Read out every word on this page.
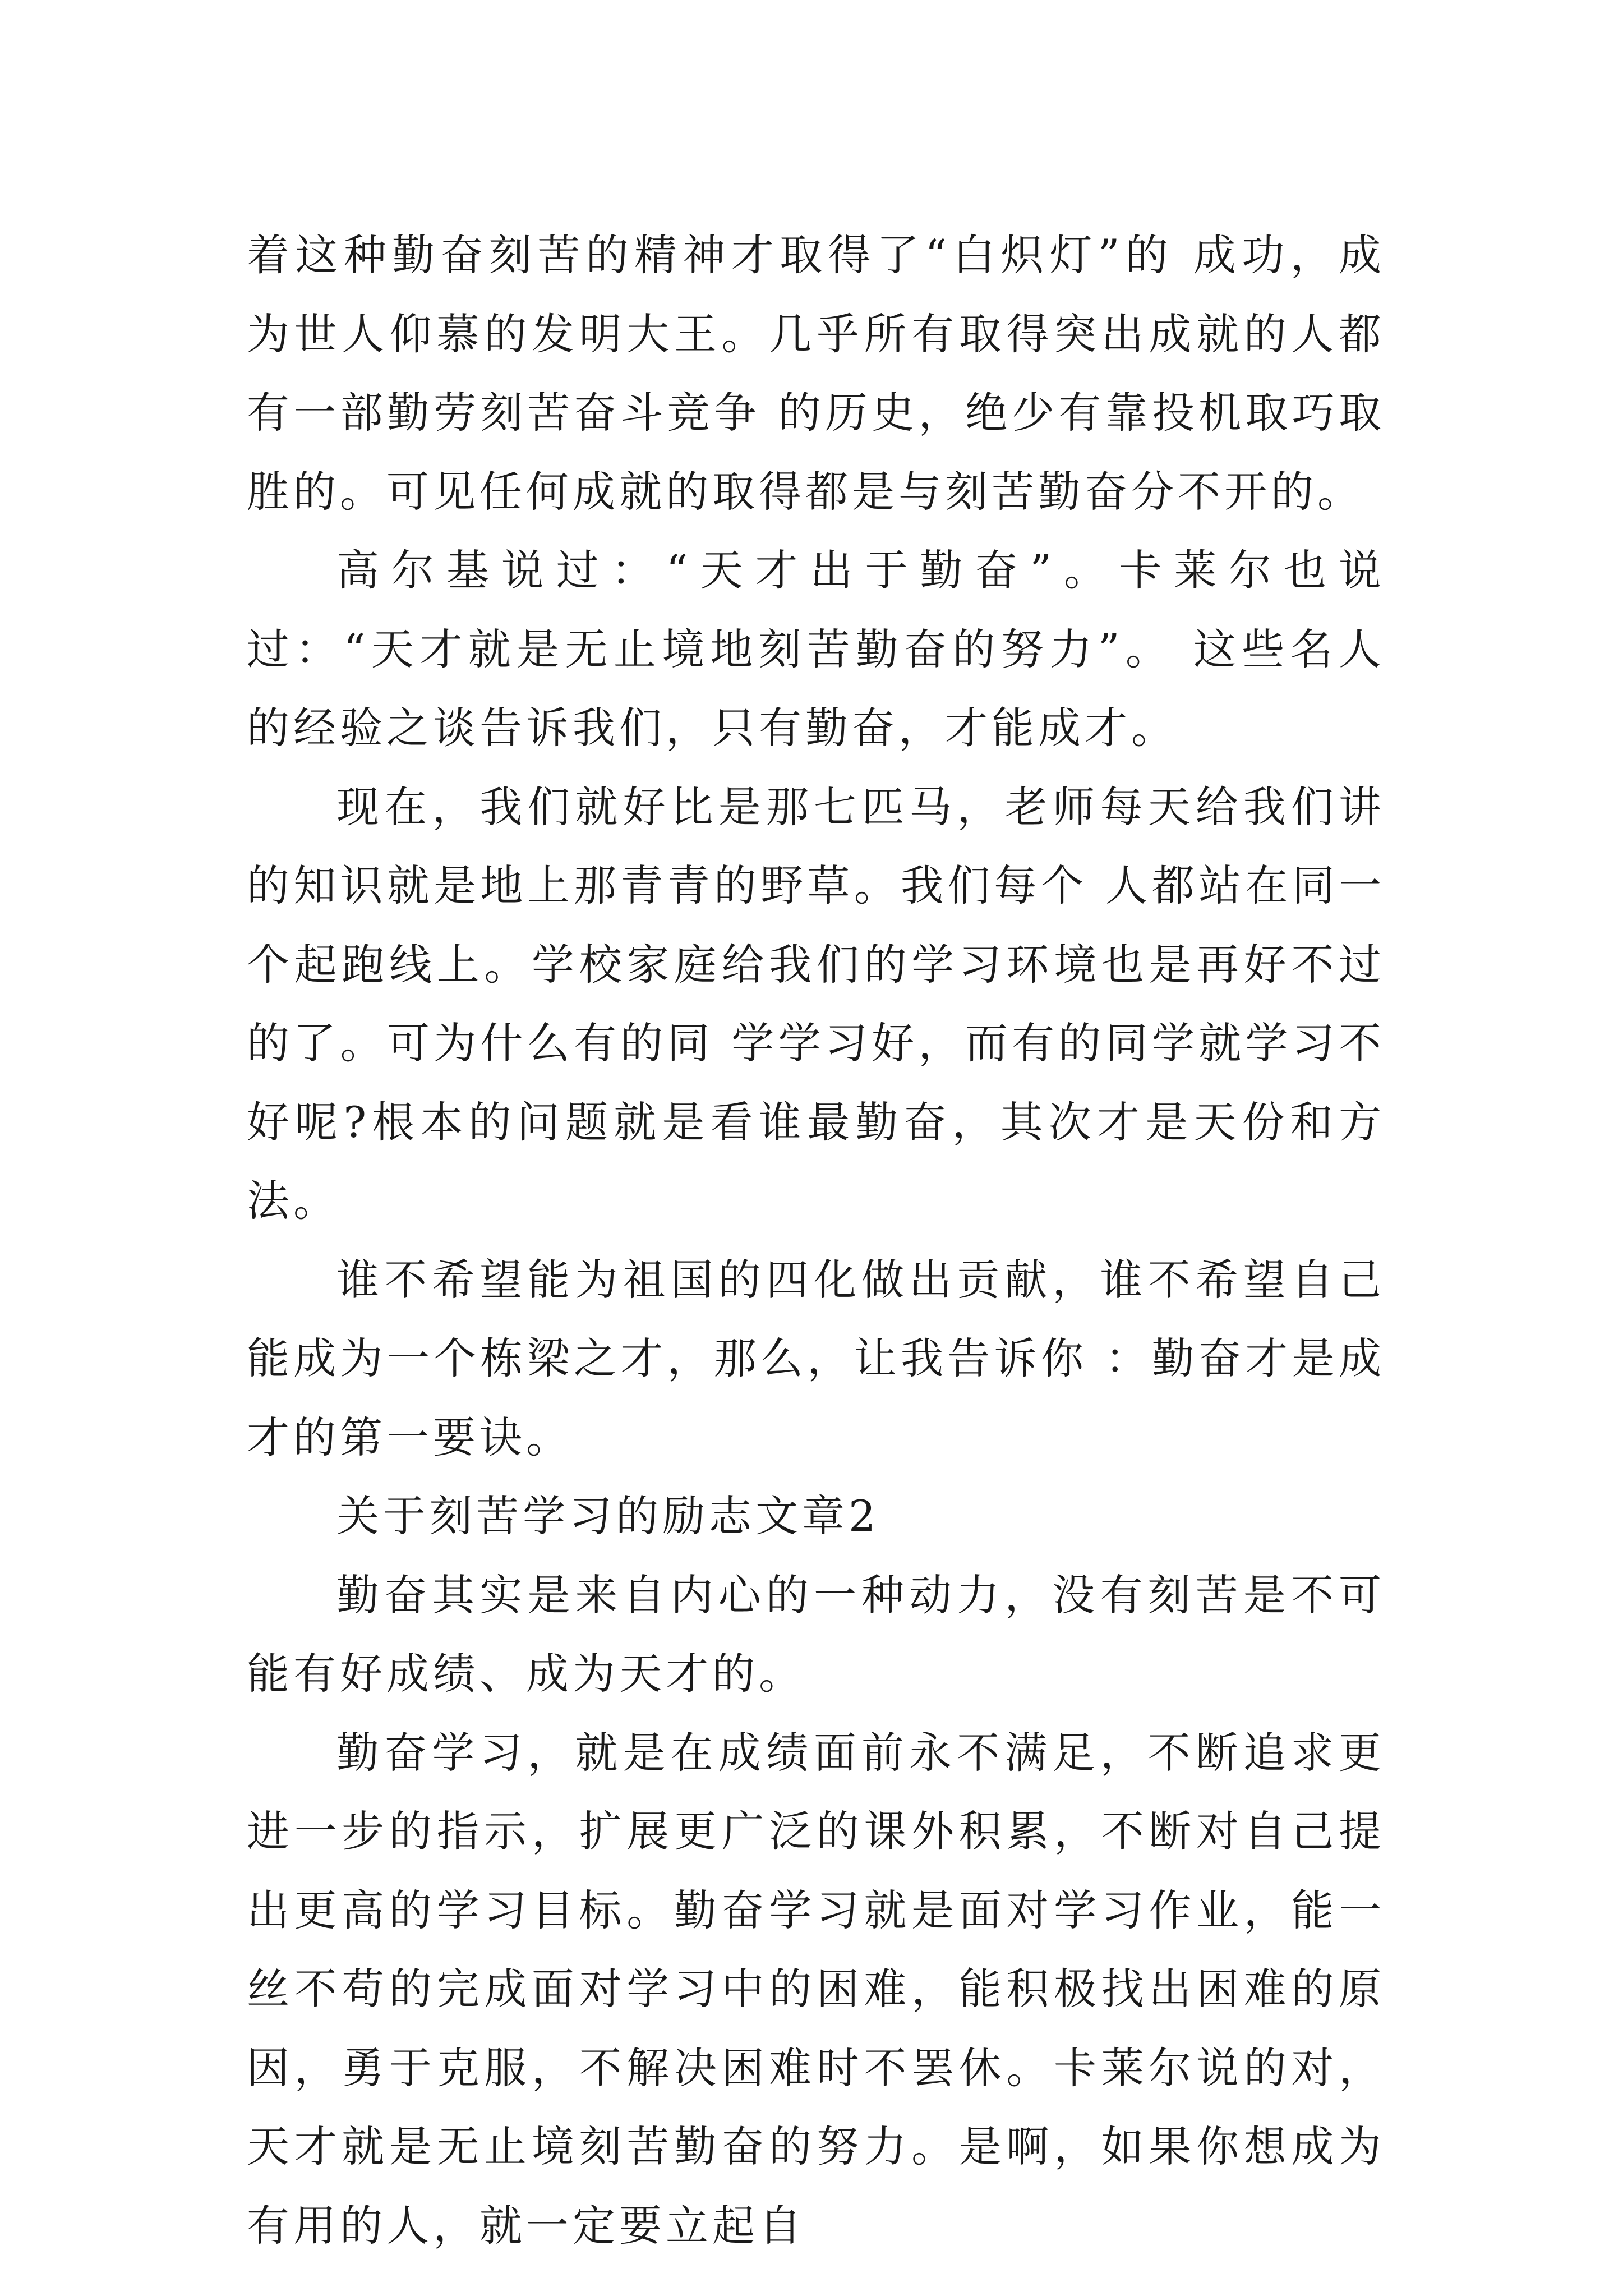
着这种勤奋刻苦的精神才取得了“白炽灯”的 成功，成为世人仰慕的发明大王。几乎所有取得突出成就的人都有一部勤劳刻苦奋斗竞争 的历史，绝少有靠投机取巧取胜的。可见任何成就的取得都是与刻苦勤奋分不开的。

高尔基说过：“天才出于勤奋”。卡莱尔也说过：“天才就是无止境地刻苦勤奋的努力”。 这些名人的经验之谈告诉我们，只有勤奋，才能成才。

现在，我们就好比是那七匹马，老师每天给我们讲的知识就是地上那青青的野草。我们每个 人都站在同一个起跑线上。学校家庭给我们的学习环境也是再好不过的了。可为什么有的同 学学习好，而有的同学就学习不好呢?根本的问题就是看谁最勤奋，其次才是天份和方法。

谁不希望能为祖国的四化做出贡献，谁不希望自己能成为一个栋梁之才，那么，让我告诉你 ：勤奋才是成才的第一要诀。

关于刻苦学习的励志文章2

勤奋其实是来自内心的一种动力，没有刻苦是不可能有好成绩、成为天才的。

勤奋学习，就是在成绩面前永不满足，不断追求更进一步的指示，扩展更广泛的课外积累，不断对自己提出更高的学习目标。勤奋学习就是面对学习作业，能一丝不苟的完成面对学习中的困难，能积极找出困难的原因，勇于克服，不解决困难时不罢休。卡莱尔说的对，天才就是无止境刻苦勤奋的努力。是啊，如果你想成为有用的人，就一定要立起自
